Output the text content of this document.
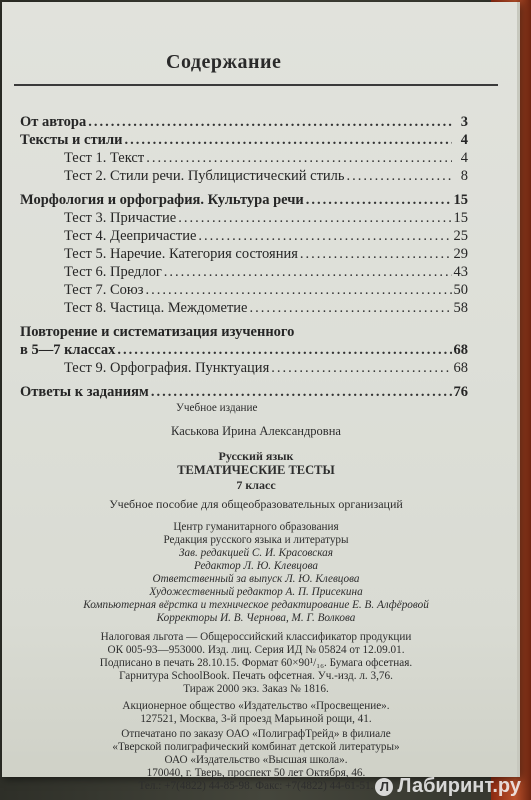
Содержание
От автора .....	3
Тексты и стили .....	4
Тест 1. Текст .....	4
Тест 2. Стили речи. Публицистический стиль .....	8
Морфология и орфография. Культура речи .....	15
Тест 3. Причастие .....	15
Тест 4. Деепричастие .....	25
Тест 5. Наречие. Категория состояния .....	29
Тест 6. Предлог .....	43
Тест 7. Союз .....	50
Тест 8. Частица. Междометие .....	58
Повторение и систематизация изученного
в 5—7 классах .....	68
Тест 9. Орфография. Пунктуация .....	68
Ответы к заданиям .....	76
Учебное издание
Каськова Ирина Александровна
Русский язык
ТЕМАТИЧЕСКИЕ ТЕСТЫ
7 класс
Учебное пособие для общеобразовательных организаций
Центр гуманитарного образования
Редакция русского языка и литературы
Зав. редакцией С. И. Красовская
Редактор Л. Ю. Клевцова
Ответственный за выпуск Л. Ю. Клевцова
Художественный редактор А. П. Присекина
Компьютерная вёрстка и техническое редактирование Е. В. Алфёровой
Корректоры И. В. Чернова, М. Г. Волкова
Налоговая льгота — Общероссийский классификатор продукции
ОК 005-93—953000. Изд. лиц. Серия ИД № 05824 от 12.09.01.
Подписано в печать 28.10.15. Формат 60×90¹/₁₆. Бумага офсетная.
Гарнитура SchoolBook. Печать офсетная. Уч.-изд. л. 3,76.
Тираж 2000 экз. Заказ № 1816.
Акционерное общество «Издательство «Просвещение».
127521, Москва, 3-й проезд Марьиной рощи, 41.
Отпечатано по заказу ОАО «ПолиграфТрейд» в филиале
«Тверской полиграфический комбинат детской литературы»
ОАО «Издательство «Высшая школа».
170040, г. Тверь, проспект 50 лет Октября, 46.
Тел.: +7(4822) 44-85-98. Факс: +7(4822) 44-61-51. Л Лабиринт.ру
